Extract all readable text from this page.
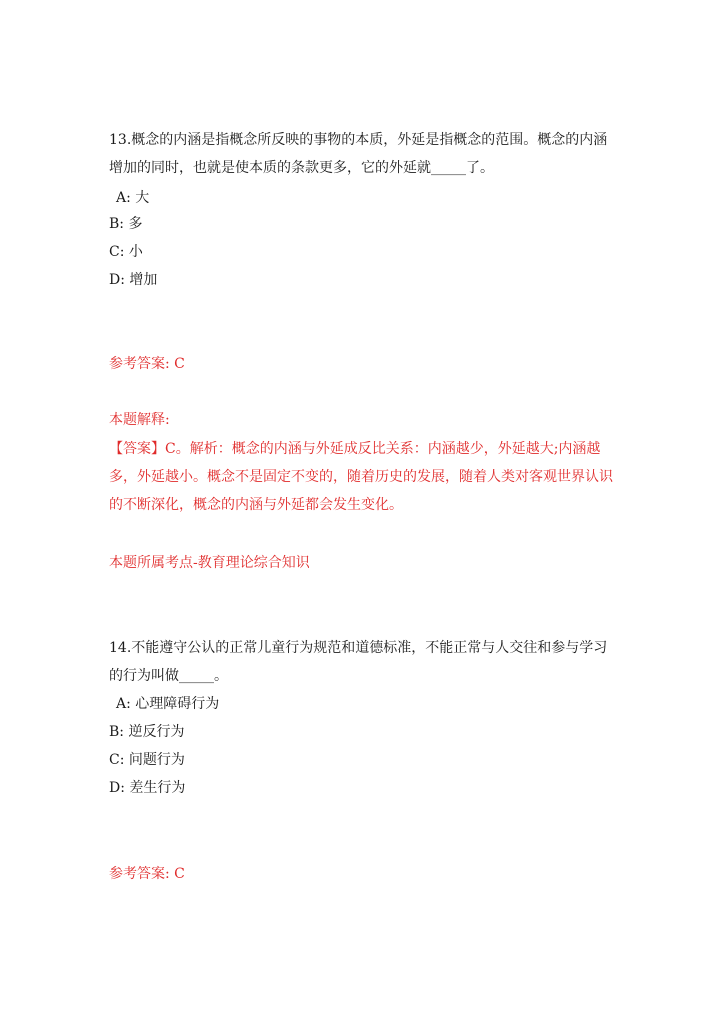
13.概念的内涵是指概念所反映的事物的本质，外延是指概念的范围。概念的内涵增加的同时，也就是使本质的条款更多，它的外延就_____了。
A: 大
B: 多
C: 小
D: 增加
参考答案: C
本题解释:
【答案】C。解析：概念的内涵与外延成反比关系：内涵越少，外延越大;内涵越多，外延越小。概念不是固定不变的，随着历史的发展，随着人类对客观世界认识的不断深化，概念的内涵与外延都会发生变化。
本题所属考点-教育理论综合知识
14.不能遵守公认的正常儿童行为规范和道德标准，不能正常与人交往和参与学习的行为叫做_____。
A: 心理障碍行为
B: 逆反行为
C: 问题行为
D: 差生行为
参考答案: C
